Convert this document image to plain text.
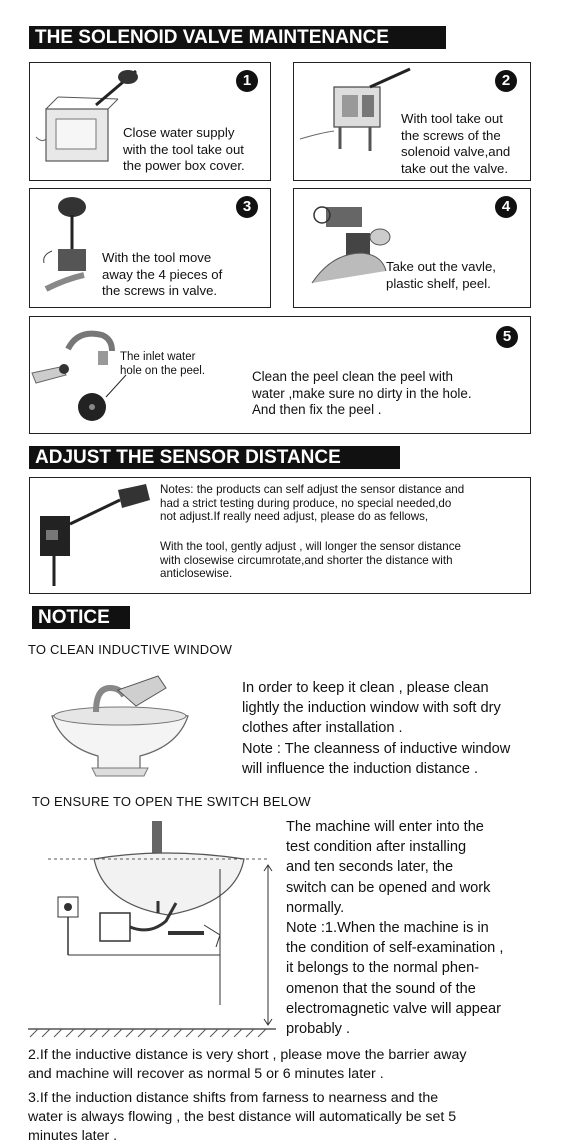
THE SOLENOID VALVE MAINTENANCE
1
Close water supply
with the tool take out
the power box cover.
2
With tool take out
the screws of the
solenoid valve,and
take out the valve.
3
With the tool move
away the 4 pieces of
the screws in valve.
4
Take out the vavle,
plastic shelf, peel.
The inlet water
hole on the peel.
5
Clean the peel clean the peel with
water ,make sure no dirty in the hole.
And then fix the peel .
ADJUST THE SENSOR DISTANCE
Notes: the products can self adjust the sensor distance and
had a strict testing during produce, no special needed,do
not adjust.If really need adjust, please do as fellows,
With the tool, gently adjust , will longer the sensor distance
with closewise circumrotate,and shorter the distance with
anticlosewise.
NOTICE
TO CLEAN INDUCTIVE WINDOW
In order to keep it clean , please clean
lightly the induction window with soft dry
clothes after installation .
Note : The cleanness of inductive window
will influence the induction distance .
TO ENSURE TO OPEN THE SWITCH BELOW
The machine will enter into the
test condition after installing
and ten seconds later, the
switch can be opened and work
normally.
Note :1.When the machine is in
the condition of self-examination ,
it belongs to the normal phen-
omenon that the sound of the
electromagnetic valve will appear
probably .
2.If the inductive distance is very short , please move the barrier away
and machine will recover as normal 5 or 6 minutes later .
3.If the induction distance shifts from farness to nearness and the
water is always flowing , the best distance will automatically be set 5
minutes later .
